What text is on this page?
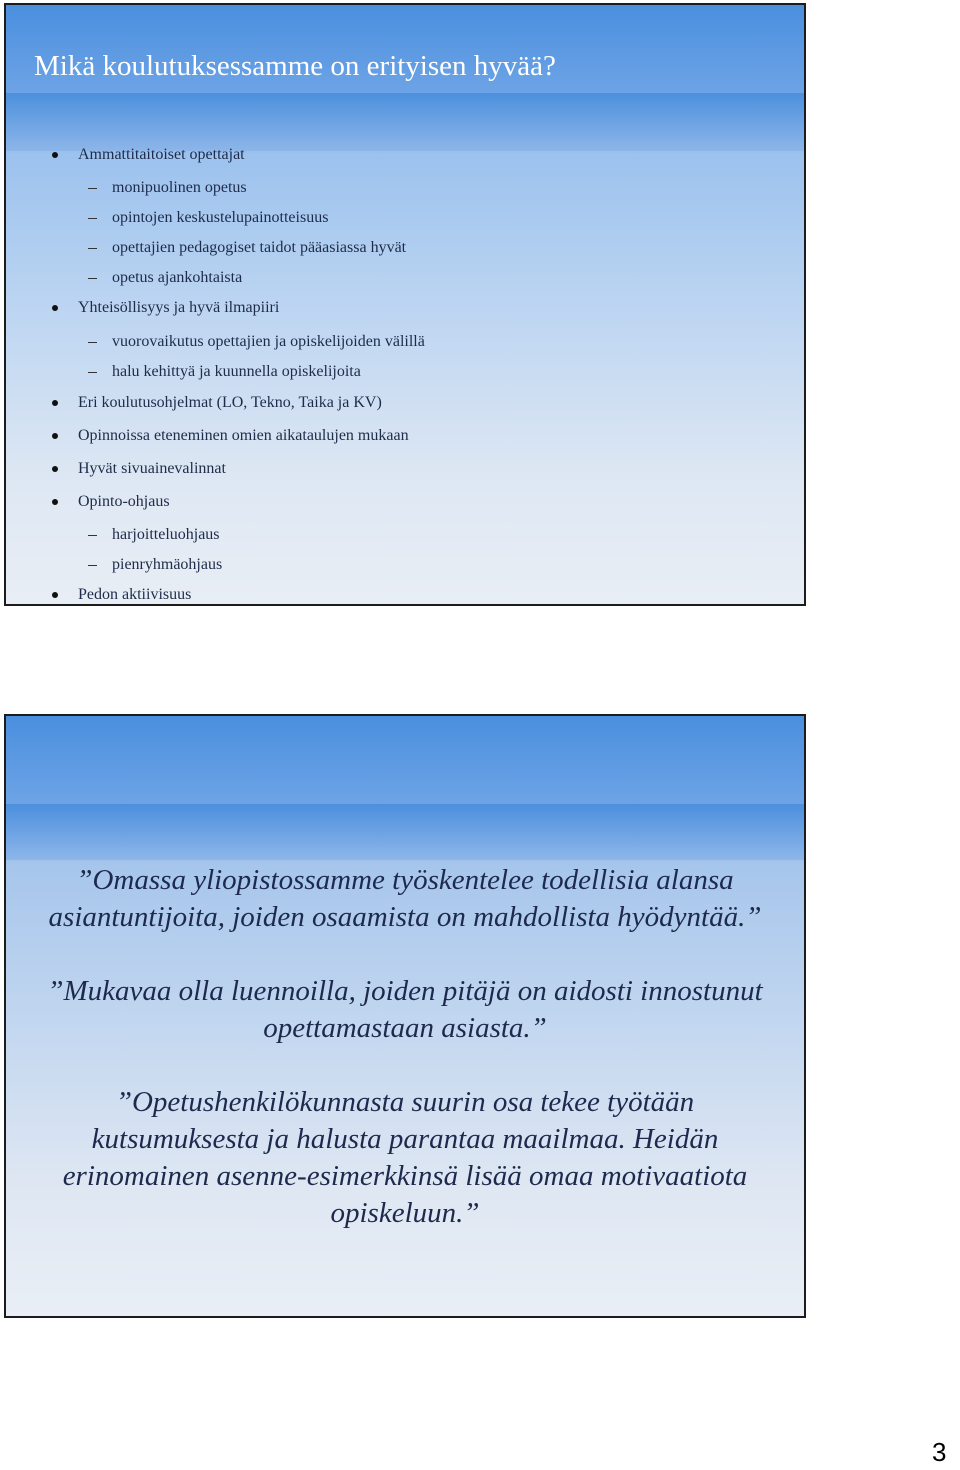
Mikä koulutuksessamme on erityisen hyvää?
Ammattitaitoiset opettajat
monipuolinen opetus
opintojen keskustelupainotteisuus
opettajien pedagogiset taidot pääasiassa hyvät
opetus ajankohtaista
Yhteisöllisyys ja hyvä ilmapiiri
vuorovaikutus opettajien ja opiskelijoiden välillä
halu kehittyä ja kuunnella opiskelijoita
Eri koulutusohjelmat (LO, Tekno, Taika ja KV)
Opinnoissa eteneminen omien aikataulujen mukaan
Hyvät sivuainevalinnat
Opinto-ohjaus
harjoitteluohjaus
pienryhmäohjaus
Pedon aktiivisuus

”Omassa yliopistossamme työskentelee todellisia alansa asiantuntijoita, joiden osaamista on mahdollista hyödyntää.”

”Mukavaa olla luennoilla, joiden pitäjä on aidosti innostunut opettamastaan asiasta.”

”Opetushenkilökunnasta suurin osa tekee työtään kutsumuksesta ja halusta parantaa maailmaa. Heidän erinomainen asenne-esimerkkinsä lisää omaa motivaatiota opiskeluun.”

3
